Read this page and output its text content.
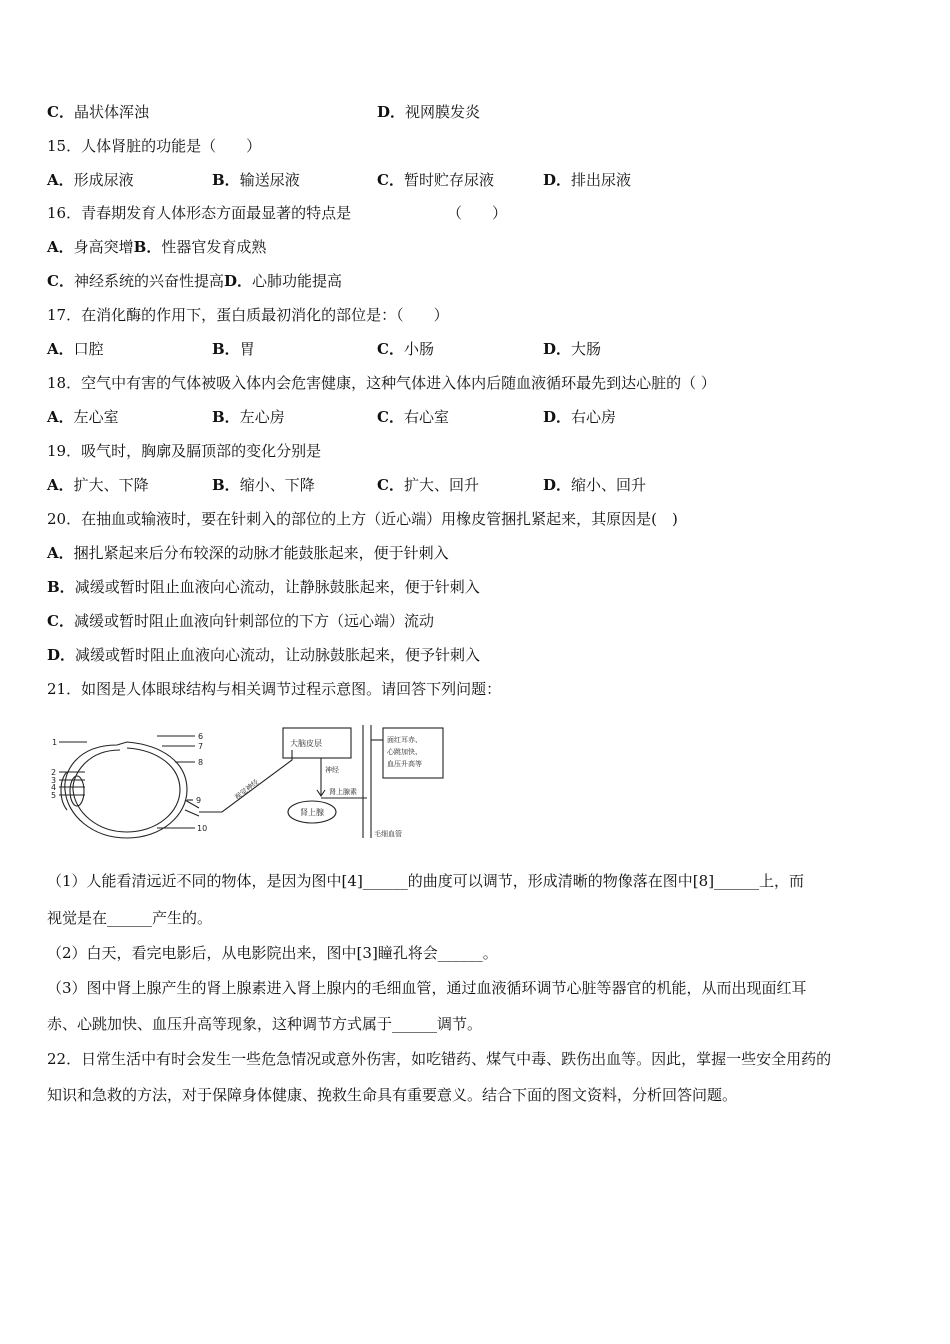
C．晶状体浑浊	D．视网膜发炎
15．人体肾脏的功能是（　　）
A．形成尿液	B．输送尿液	C．暂时贮存尿液	D．排出尿液
16．青春期发育人体形态方面最显著的特点是	（　　）
A．身高突增B．性器官发育成熟
C．神经系统的兴奋性提高D．心肺功能提高
17．在消化酶的作用下，蛋白质最初消化的部位是：（　　）
A．口腔	B．胃	C．小肠	D．大肠
18．空气中有害的气体被吸入体内会危害健康，这种气体进入体内后随血液循环最先到达心脏的（ ）
A．左心室	B．左心房	C．右心室	D．右心房
19．吸气时，胸廓及膈顶部的变化分别是
A．扩大、下降	B．缩小、下降	C．扩大、回升	D．缩小、回升
20．在抽血或输液时，要在针刺入的部位的上方（近心端）用橡皮管捆扎紧起来，其原因是(　)
A．捆扎紧起来后分布较深的动脉才能鼓胀起来，便于针刺入
B．减缓或暂时阻止血液向心流动，让静脉鼓胀起来，便于针刺入
C．减缓或暂时阻止血液向针刺部位的下方（远心端）流动
D．减缓或暂时阻止血液向心流动，让动脉鼓胀起来，便予针刺入
21．如图是人体眼球结构与相关调节过程示意图。请回答下列问题：
1
2
3
4
5
6
7
8
9
10
视觉神经
大脑皮层
神经
肾上腺素
肾上腺
毛细血管
面红耳赤、
心跳加快、
血压升高等
（1）人能看清远近不同的物体，是因为图中[4]______的曲度可以调节，形成清晰的物像落在图中[8]______上，而
视觉是在______产生的。
（2）白天，看完电影后，从电影院出来，图中[3]瞳孔将会______。
（3）图中肾上腺产生的肾上腺素进入肾上腺内的毛细血管，通过血液循环调节心脏等器官的机能，从而出现面红耳
赤、心跳加快、血压升高等现象，这种调节方式属于______调节。
22．日常生活中有时会发生一些危急情况或意外伤害，如吃错药、煤气中毒、跌伤出血等。因此，掌握一些安全用药的
知识和急救的方法，对于保障身体健康、挽救生命具有重要意义。结合下面的图文资料，分析回答问题。
